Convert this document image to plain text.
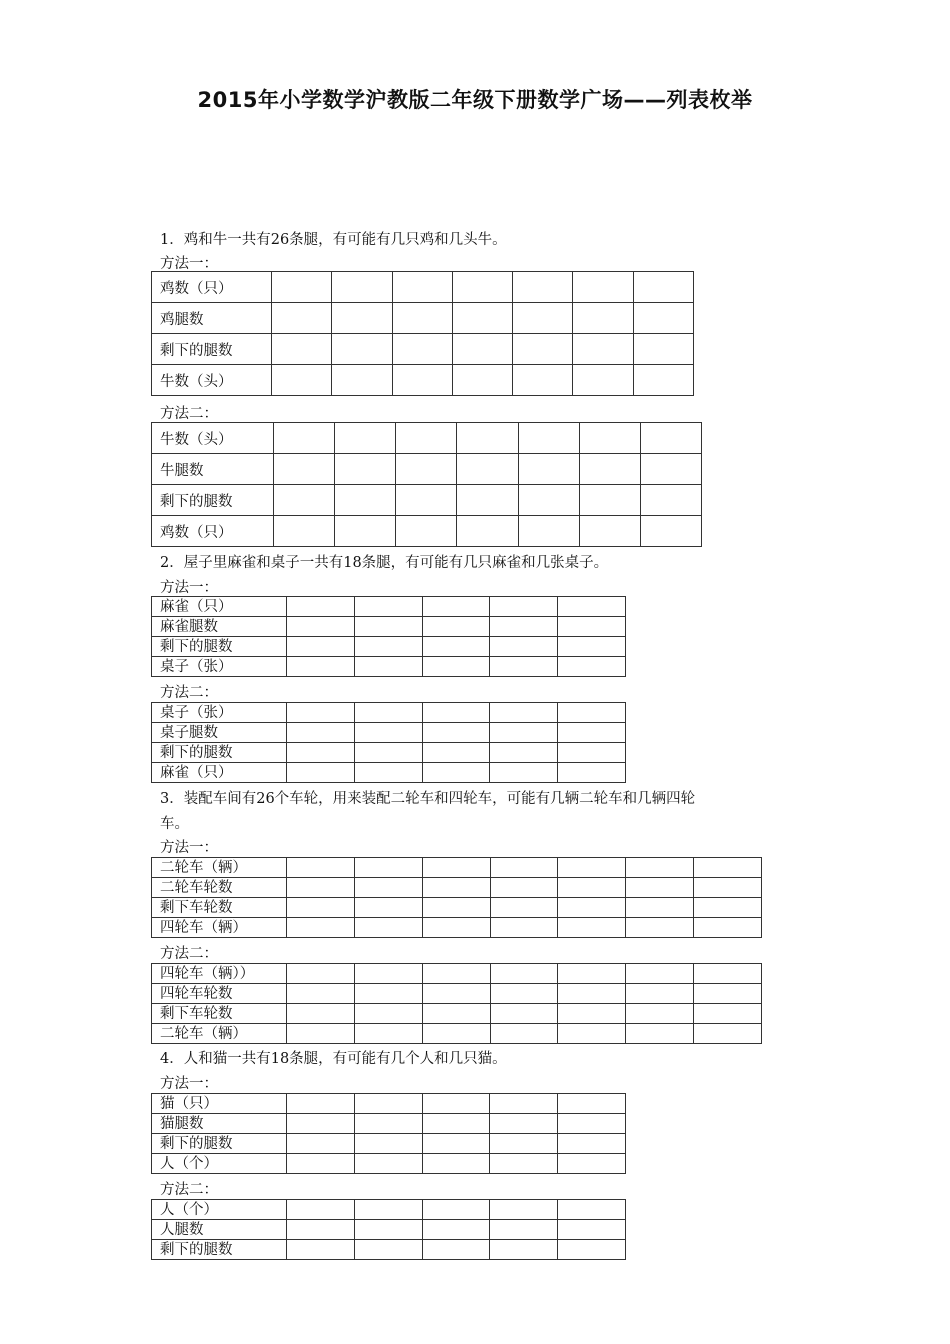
2015年小学数学沪教版二年级下册数学广场——列表枚举
1．鸡和牛一共有26条腿，有可能有几只鸡和几头牛。
方法一：
鸡数（只）							
鸡腿数							
剩下的腿数							
牛数（头）							
方法二：
牛数（头）							
牛腿数							
剩下的腿数							
鸡数（只）							
2．屋子里麻雀和桌子一共有18条腿，有可能有几只麻雀和几张桌子。
方法一：
麻雀（只）					
麻雀腿数					
剩下的腿数					
桌子（张）					
方法二：
桌子（张）					
桌子腿数					
剩下的腿数					
麻雀（只）					
3．装配车间有26个车轮，用来装配二轮车和四轮车，可能有几辆二轮车和几辆四轮
车。
方法一：
二轮车（辆）							
二轮车轮数							
剩下车轮数							
四轮车（辆）							
方法二：
四轮车（辆））							
四轮车轮数							
剩下车轮数							
二轮车（辆）							
4．人和猫一共有18条腿，有可能有几个人和几只猫。
方法一：
猫（只）					
猫腿数					
剩下的腿数					
人（个）					
方法二：
人（个）					
人腿数					
剩下的腿数					
